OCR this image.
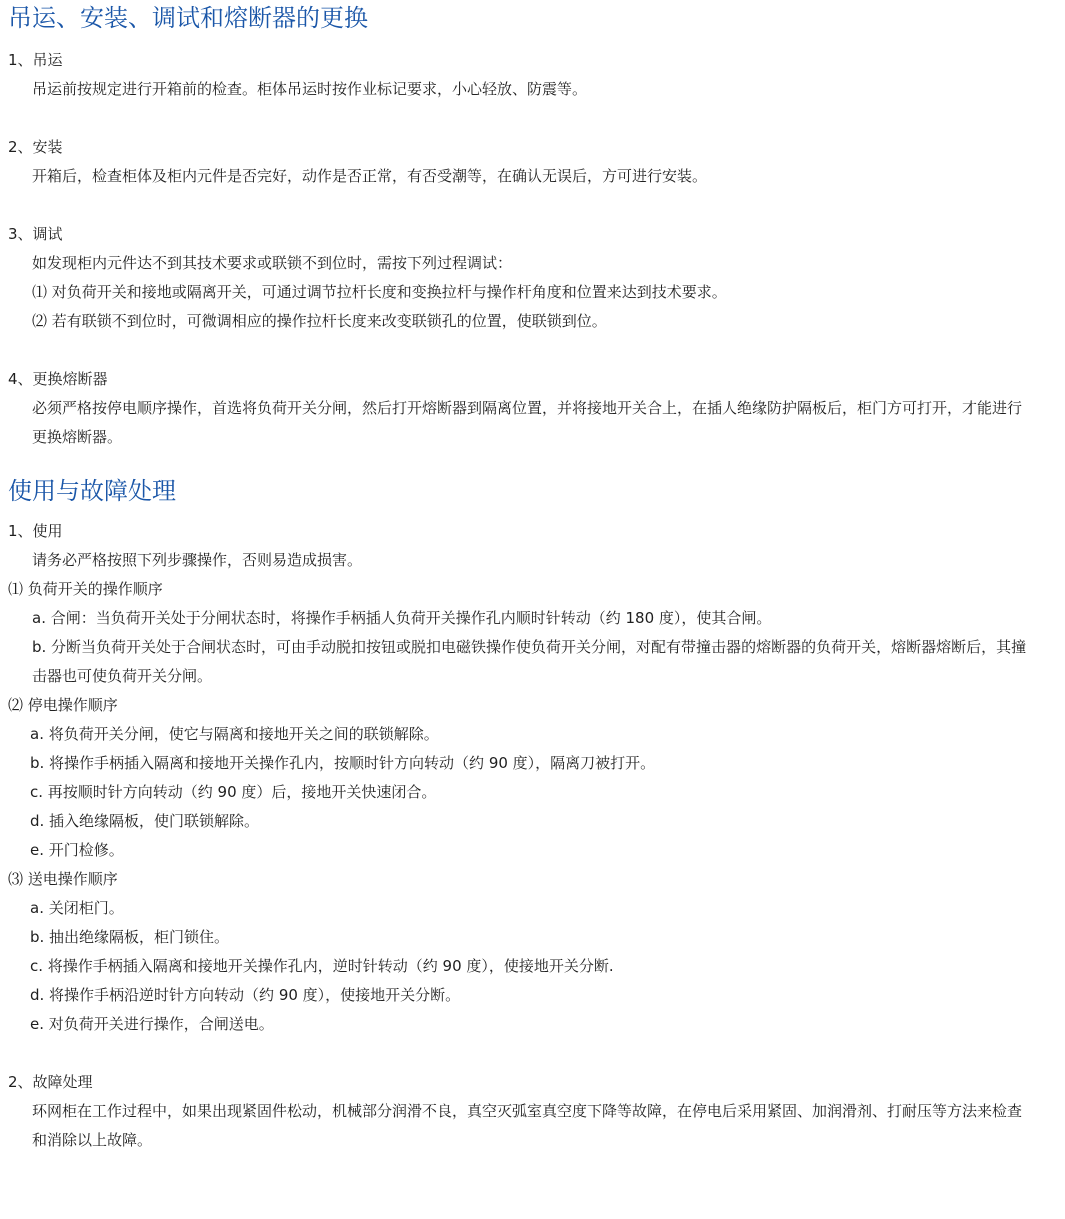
吊运、安装、调试和熔断器的更换

1、吊运

吊运前按规定进行开箱前的检查。柜体吊运时按作业标记要求，小心轻放、防震等。

2、安装

开箱后，检查柜体及柜内元件是否完好，动作是否正常，有否受潮等，在确认无误后，方可进行安装。

3、调试

如发现柜内元件达不到其技术要求或联锁不到位时，需按下列过程调试：

⑴ 对负荷开关和接地或隔离开关，可通过调节拉杆长度和变换拉杆与操作杆角度和位置来达到技术要求。

⑵ 若有联锁不到位时，可微调相应的操作拉杆长度来改变联锁孔的位置，使联锁到位。

4、更换熔断器

必须严格按停电顺序操作，首选将负荷开关分闸，然后打开熔断器到隔离位置，并将接地开关合上，在插人绝缘防护隔板后，柜门方可打开，才能进行更换熔断器。

使用与故障处理

1、使用

请务必严格按照下列步骤操作，否则易造成损害。

⑴ 负荷开关的操作顺序

a. 合闸：当负荷开关处于分闸状态时，将操作手柄插人负荷开关操作孔内顺时针转动（约 180 度），使其合闸。

b. 分断当负荷开关处于合闸状态时，可由手动脱扣按钮或脱扣电磁铁操作使负荷开关分闸，对配有带撞击器的熔断器的负荷开关，熔断器熔断后，其撞击器也可使负荷开关分闸。

⑵ 停电操作顺序

a. 将负荷开关分闸，使它与隔离和接地开关之间的联锁解除。

b. 将操作手柄插入隔离和接地开关操作孔内，按顺时针方向转动（约 90 度），隔离刀被打开。

c. 再按顺时针方向转动（约 90 度）后，接地开关快速闭合。

d. 插入绝缘隔板，使门联锁解除。

e. 开门检修。

⑶ 送电操作顺序

a. 关闭柜门。

b. 抽出绝缘隔板，柜门锁住。

c. 将操作手柄插入隔离和接地开关操作孔内，逆时针转动（约 90 度），使接地开关分断.

d. 将操作手柄沿逆时针方向转动（约 90 度），使接地开关分断。

e. 对负荷开关进行操作，合闸送电。

2、故障处理

环网柜在工作过程中，如果出现紧固件松动，机械部分润滑不良，真空灭弧室真空度下降等故障，在停电后采用紧固、加润滑剂、打耐压等方法来检查和消除以上故障。
